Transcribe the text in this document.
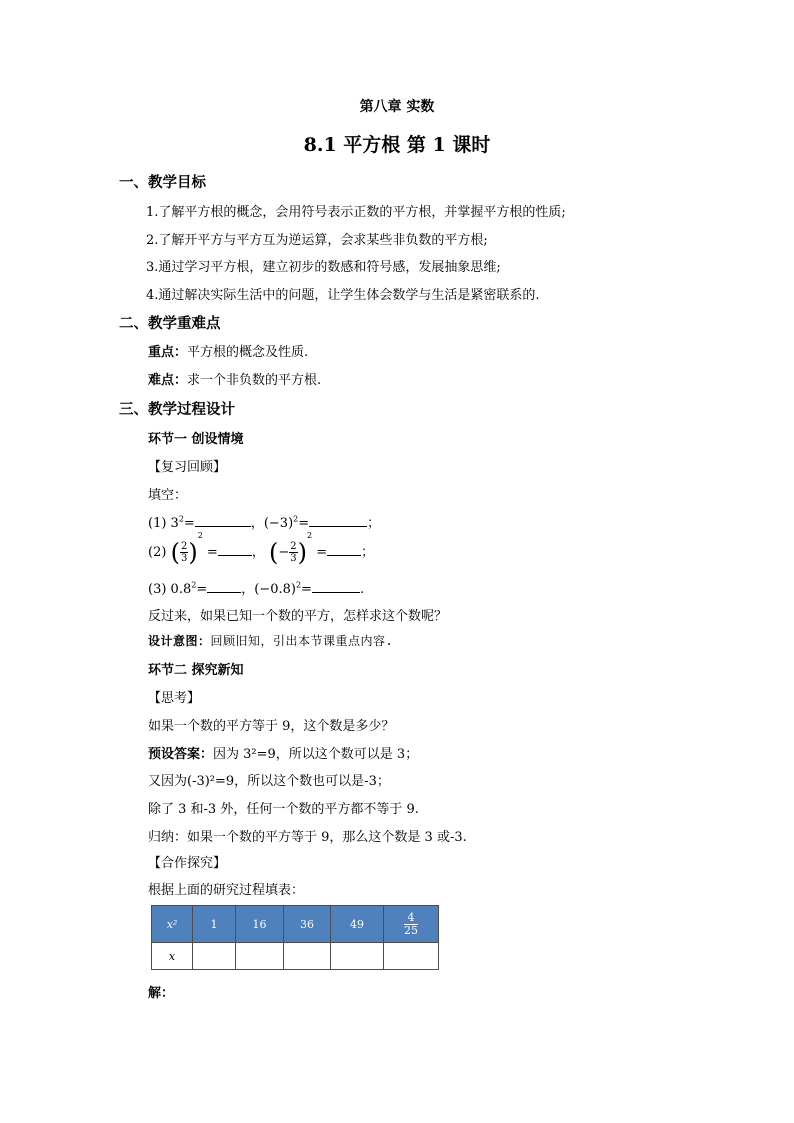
第八章 实数
8.1 平方根 第 1 课时
一、教学目标
1.了解平方根的概念，会用符号表示正数的平方根，并掌握平方根的性质;
2.了解开平方与平方互为逆运算，会求某些非负数的平方根;
3.通过学习平方根，建立初步的数感和符号感，发展抽象思维;
4.通过解决实际生活中的问题，让学生体会数学与生活是紧密联系的.
二、教学重难点
重点：平方根的概念及性质.
难点：求一个非负数的平方根.
三、教学过程设计
环节一 创设情境
【复习回顾】
填空：
(1) $3^2=$	，$(-3)^2=$	；
(2) ( $\frac{2}{3} )^2$ =	， (− $\frac{2}{3} )^2$ =	；
(3) $0.8^2=$	，$(-0.8)^2=$	.
反过来，如果已知一个数的平方，怎样求这个数呢？
设计意图：回顾旧知，引出本节课重点内容.
环节二 探究新知
【思考】
如果一个数的平方等于 9，这个数是多少？
预设答案：因为 3²=9，所以这个数可以是 3；
又因为(-3)²=9，所以这个数也可以是-3；
除了 3 和-3 外，任何一个数的平方都不等于 9.
归纳：如果一个数的平方等于 9，那么这个数是 3 或-3.
【合作探究】
根据上面的研究过程填表：
x²	1	16	36	49	$\frac{4}{25}$

x					
解：
